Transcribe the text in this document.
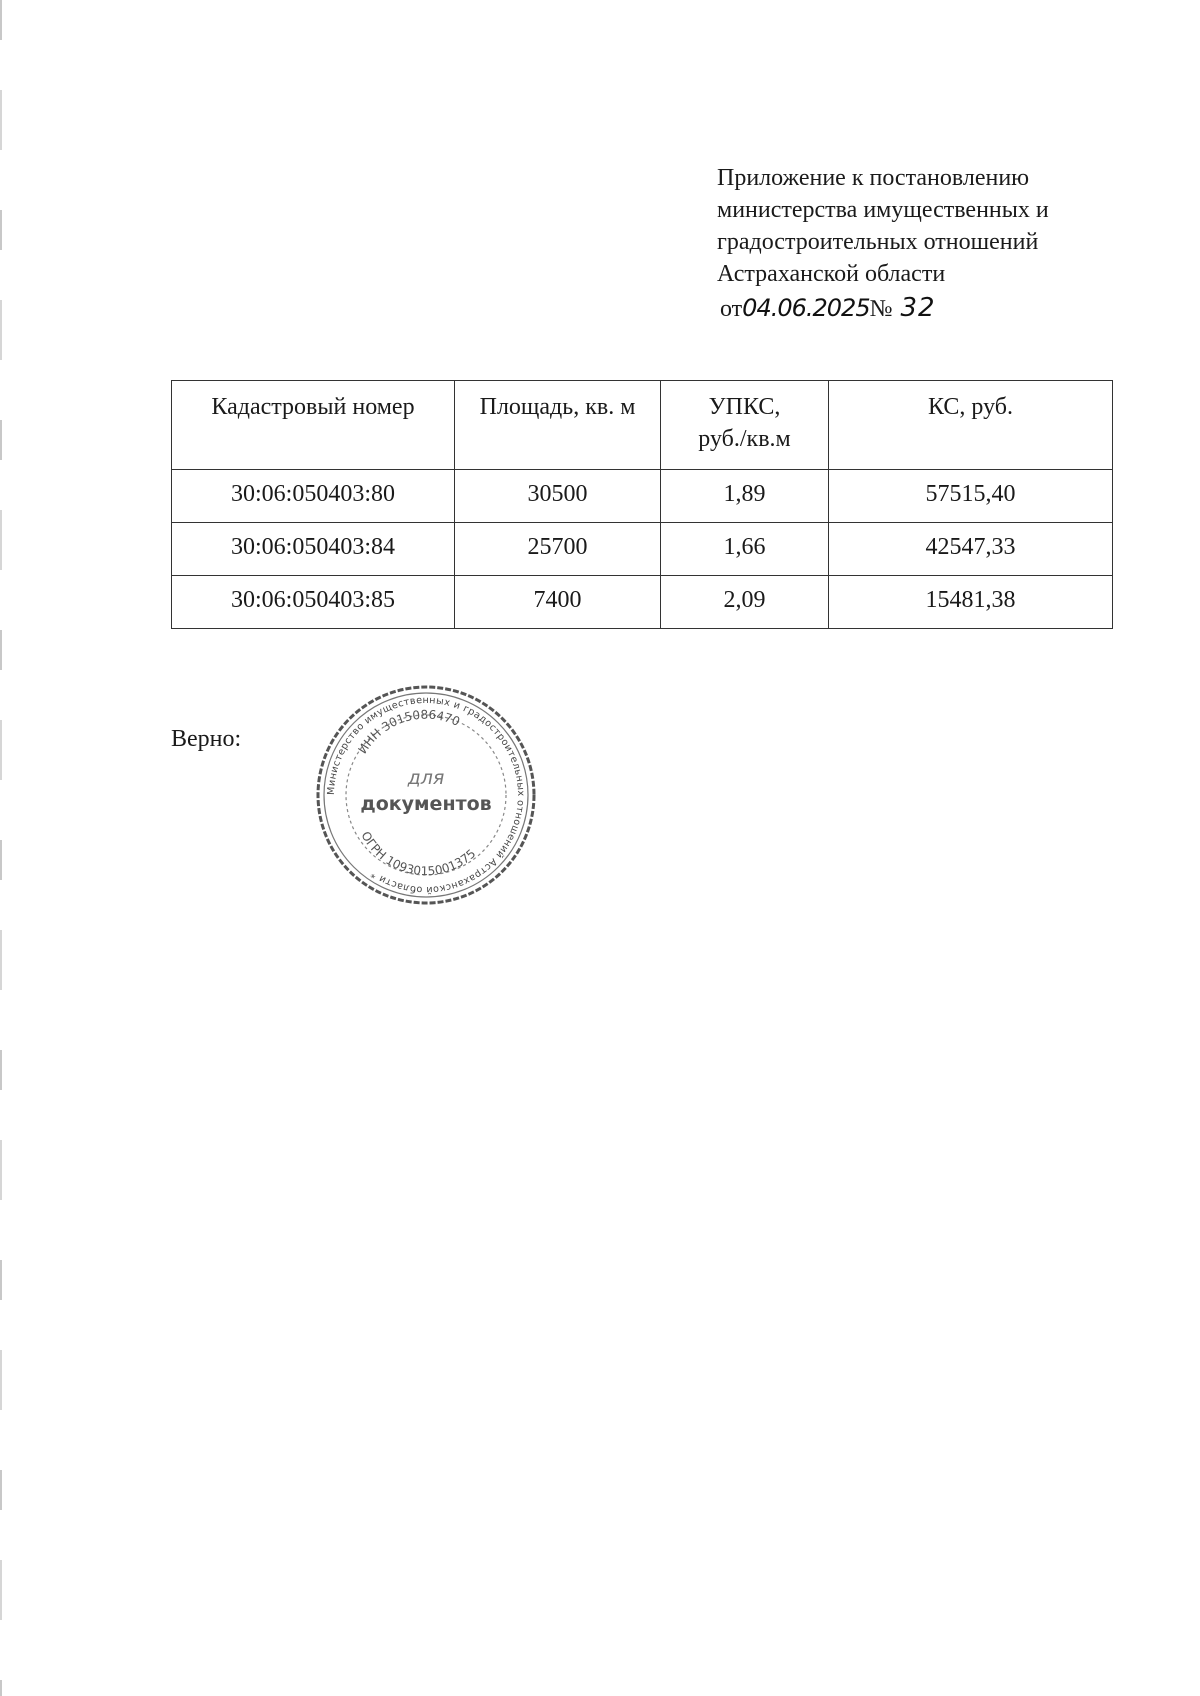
Приложение к постановлению
министерства имущественных и
градостроительных отношений
Астраханской области
от04.06.2025№ 32
Кадастровый номер	Площадь, кв. м	УПКС, руб./кв.м	КС, руб.
30:06:050403:80	30500	1,89	57515,40
30:06:050403:84	25700	1,66	42547,33
30:06:050403:85	7400	2,09	15481,38
Верно:
Министерство имущественных и градостроительных отношений Астраханской области *
ИНН 3015086470
для
документов
ОГРН 1093015001375
